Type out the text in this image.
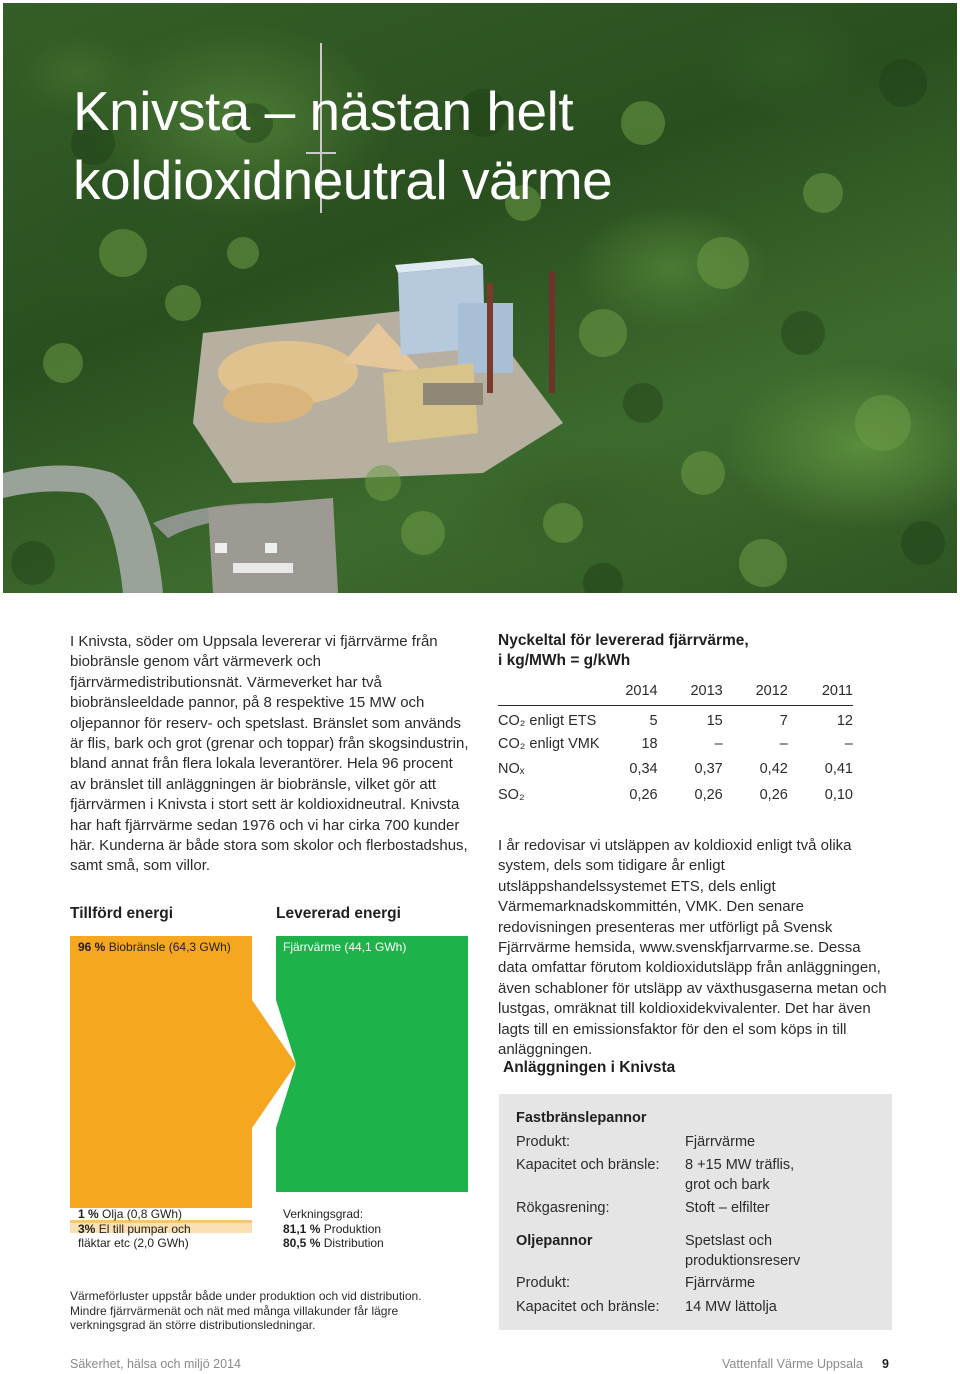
Knivsta – nästan helt
koldioxidneutral värme

I Knivsta, söder om Uppsala levererar vi fjärrvärme från biobränsle genom vårt värmeverk och fjärrvärmedistributionsnät. Värmeverket har två biobränsleeldade pannor, på 8 respektive 15 MW och oljepannor för reserv- och spetslast. Bränslet som används är flis, bark och grot (grenar och toppar) från skogsindustrin, bland annat från flera lokala leverantörer. Hela 96 procent av bränslet till anläggningen är biobränsle, vilket gör att fjärrvärmen i Knivsta i stort sett är koldioxidneutral. Knivsta har haft fjärrvärme sedan 1976 och vi har cirka 700 kunder här. Kunderna är både stora som skolor och flerbostadshus, samt små, som villor.

Nyckeltal för levererad fjärrvärme,
i kg/MWh = g/kWh
	2014	2013	2012	2011
CO₂ enligt ETS	5	15	7	12
CO₂ enligt VMK	18	–	–	–
NOₓ	0,34	0,37	0,42	0,41
SO₂	0,26	0,26	0,26	0,10

I år redovisar vi utsläppen av koldioxid enligt två olika system, dels som tidigare år enligt utsläppshandelssystemet ETS, dels enligt Värmemarknadskommittén, VMK. Den senare redovisningen presenteras mer utförligt på Svensk Fjärrvärme hemsida, www.svenskfjarrvarme.se. Dessa data omfattar förutom koldioxidutsläpp från anläggningen, även schabloner för utsläpp av växthusgaserna metan och lustgas, omräknat till koldioxidekvivalenter. Det har även lagts till en emissionsfaktor för den el som köps in till anläggningen.

Tillförd energi	Levererad energi
96 % Biobränsle (64,3 GWh)	Fjärrvärme (44,1 GWh)
1 % Olja (0,8 GWh)
3% El till pumpar och
fläktar etc (2,0 GWh)
Verkningsgrad:
81,1 % Produktion
80,5 % Distribution

Värmeförluster uppstår både under produktion och vid distribution. Mindre fjärrvärmenät och nät med många villakunder får lägre verkningsgrad än större distributionsledningar.

Anläggningen i Knivsta
Fastbränslepannor
Produkt:	Fjärrvärme
Kapacitet och bränsle: 8 +15 MW träflis,
grot och bark
Rökgasrening:	Stoft – elfilter
Oljepannor	Spetslast och
produktionsreserv
Produkt:	Fjärrvärme
Kapacitet och bränsle: 14 MW lättolja
Säkerhet, hälsa och miljö 2014	Vattenfall Värme Uppsala 9
